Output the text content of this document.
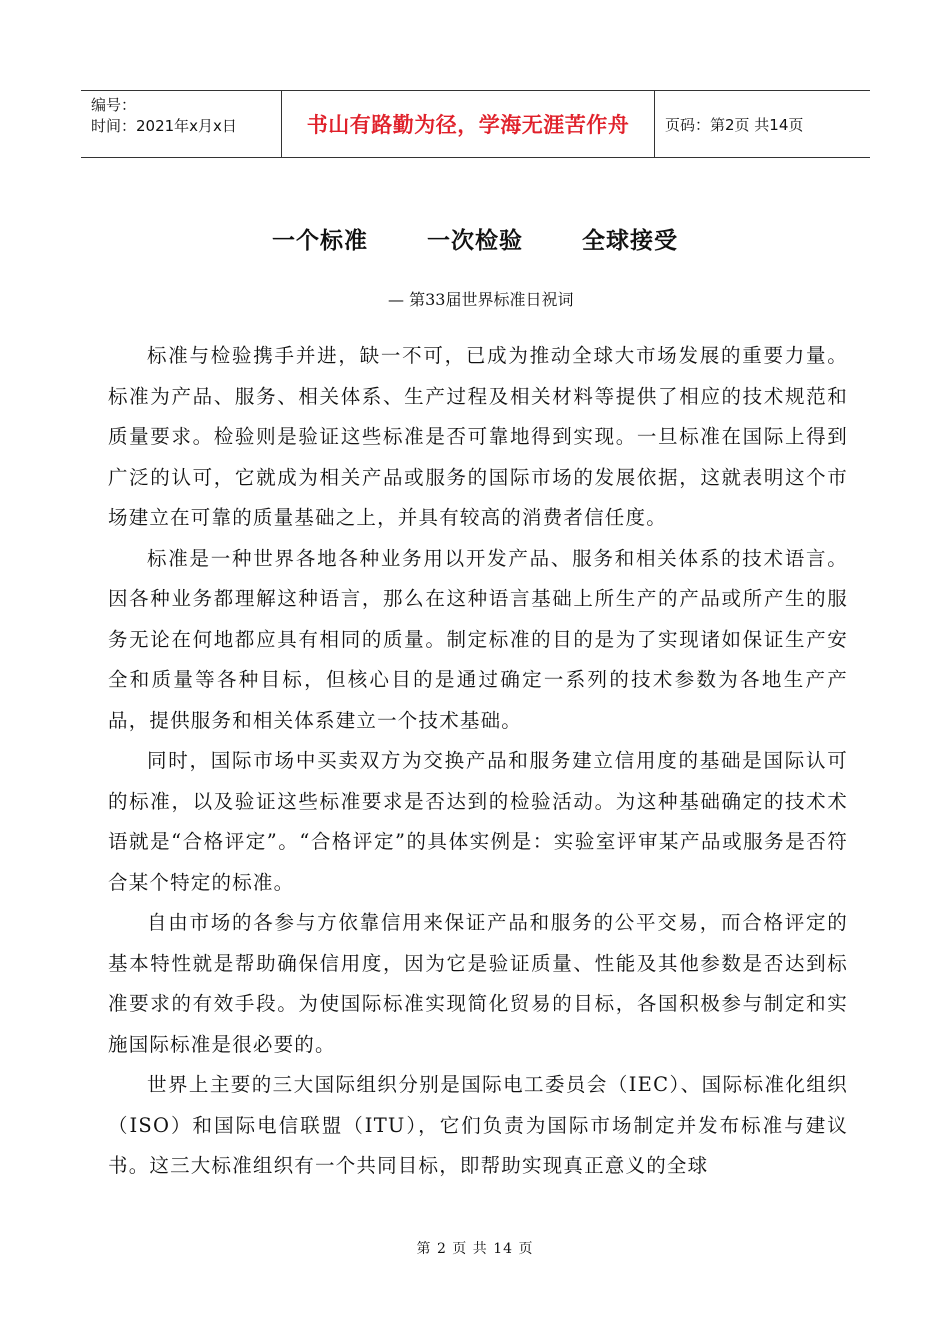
编号：
时间：2021年x月x日	书山有路勤为径，学海无涯苦作舟	页码：第2页 共14页
一个标准	一次检验	全球接受
— 第33届世界标准日祝词

标准与检验携手并进，缺一不可，已成为推动全球大市场发展的重要力量。标准为产品、服务、相关体系、生产过程及相关材料等提供了相应的技术规范和质量要求。检验则是验证这些标准是否可靠地得到实现。一旦标准在国际上得到广泛的认可，它就成为相关产品或服务的国际市场的发展依据，这就表明这个市场建立在可靠的质量基础之上，并具有较高的消费者信任度。

标准是一种世界各地各种业务用以开发产品、服务和相关体系的技术语言。因各种业务都理解这种语言，那么在这种语言基础上所生产的产品或所产生的服务无论在何地都应具有相同的质量。制定标准的目的是为了实现诸如保证生产安全和质量等各种目标，但核心目的是通过确定一系列的技术参数为各地生产产品，提供服务和相关体系建立一个技术基础。

同时，国际市场中买卖双方为交换产品和服务建立信用度的基础是国际认可的标准，以及验证这些标准要求是否达到的检验活动。为这种基础确定的技术术语就是“合格评定”。“合格评定”的具体实例是：实验室评审某产品或服务是否符合某个特定的标准。

自由市场的各参与方依靠信用来保证产品和服务的公平交易，而合格评定的基本特性就是帮助确保信用度，因为它是验证质量、性能及其他参数是否达到标准要求的有效手段。为使国际标准实现简化贸易的目标，各国积极参与制定和实施国际标准是很必要的。

世界上主要的三大国际组织分别是国际电工委员会（IEC）、国际标准化组织（ISO）和国际电信联盟（ITU），它们负责为国际市场制定并发布标准与建议书。这三大标准组织有一个共同目标，即帮助实现真正意义的全球

第 2 页 共 14 页
